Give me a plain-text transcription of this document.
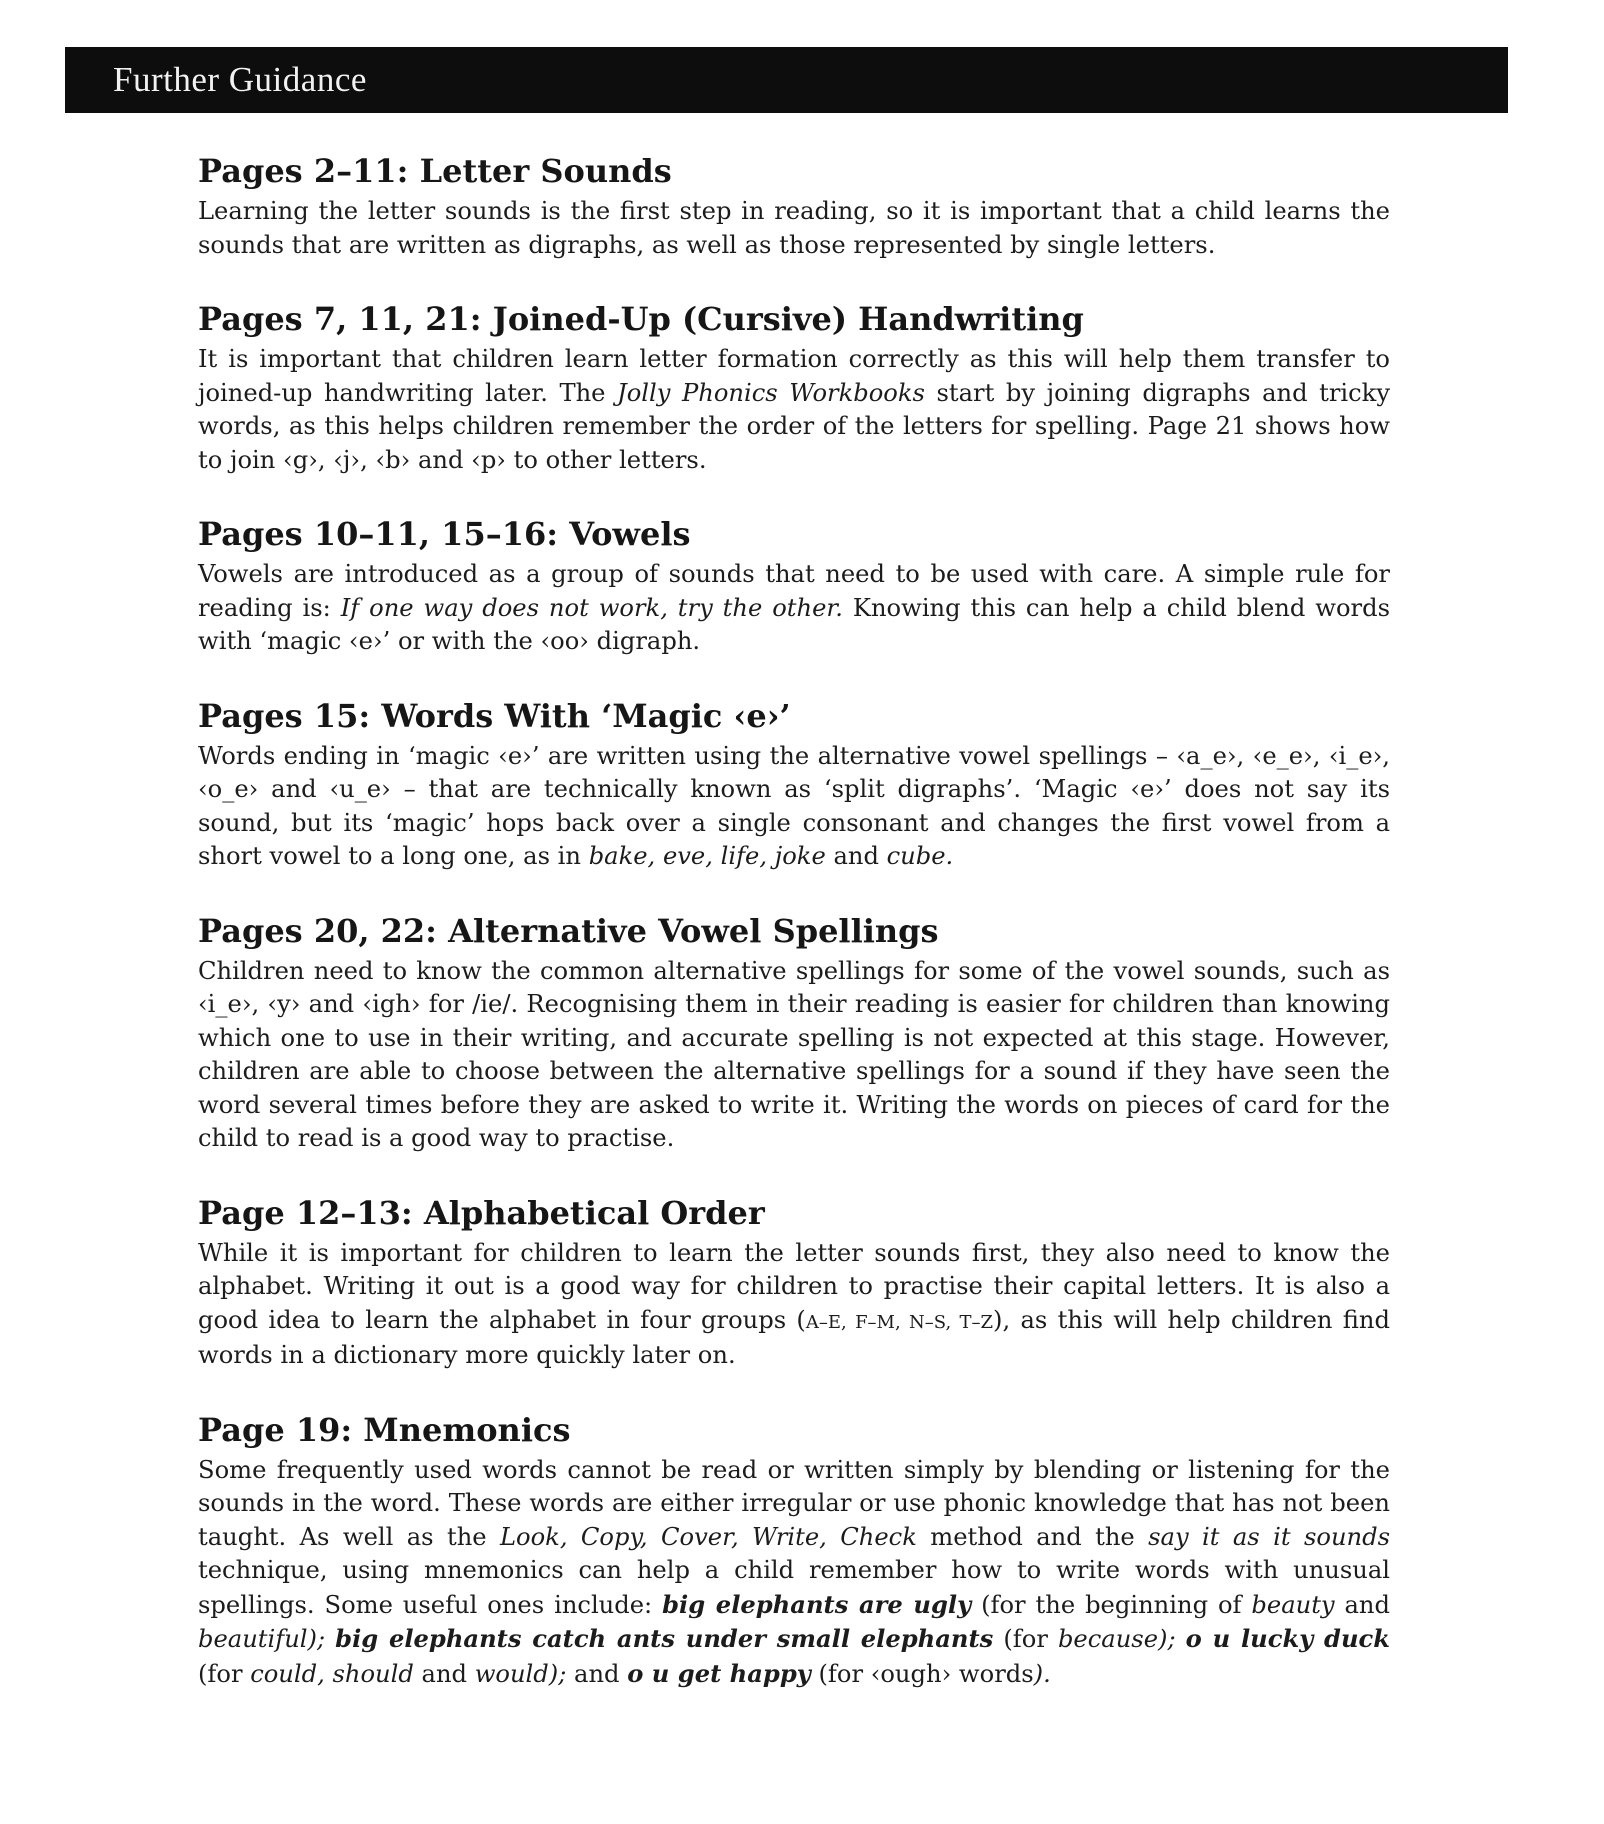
Further Guidance
Pages 2–11: Letter Sounds

Learning the letter sounds is the first step in reading, so it is important that a child learns the sounds that are written as digraphs, as well as those represented by single letters.

Pages 7, 11, 21: Joined-Up (Cursive) Handwriting

It is important that children learn letter formation correctly as this will help them transfer to joined-up handwriting later. The Jolly Phonics Workbooks start by joining digraphs and tricky words, as this helps children remember the order of the letters for spelling. Page 21 shows how to join ‹g›, ‹j›, ‹b› and ‹p› to other letters.

Pages 10–11, 15–16: Vowels

Vowels are introduced as a group of sounds that need to be used with care. A simple rule for reading is: If one way does not work, try the other. Knowing this can help a child blend words with ‘magic ‹e›’ or with the ‹oo› digraph.

Pages 15: Words With ‘Magic ‹e›’

Words ending in ‘magic ‹e›’ are written using the alternative vowel spellings – ‹a_e›, ‹e_e›, ‹i_e›, ‹o_e› and ‹u_e› – that are technically known as ‘split digraphs’. ‘Magic ‹e›’ does not say its sound, but its ‘magic’ hops back over a single consonant and changes the first vowel from a short vowel to a long one, as in bake, eve, life, joke and cube.

Pages 20, 22: Alternative Vowel Spellings

Children need to know the common alternative spellings for some of the vowel sounds, such as ‹i_e›, ‹y› and ‹igh› for /ie/. Recognising them in their reading is easier for children than knowing which one to use in their writing, and accurate spelling is not expected at this stage. However, children are able to choose between the alternative spellings for a sound if they have seen the word several times before they are asked to write it. Writing the words on pieces of card for the child to read is a good way to practise.

Page 12–13: Alphabetical Order

While it is important for children to learn the letter sounds first, they also need to know the alphabet. Writing it out is a good way for children to practise their capital letters. It is also a good idea to learn the alphabet in four groups (A–E, F–M, N–S, T–Z), as this will help children find words in a dictionary more quickly later on.

Page 19: Mnemonics

Some frequently used words cannot be read or written simply by blending or listening for the sounds in the word. These words are either irregular or use phonic knowledge that has not been taught. As well as the Look, Copy, Cover, Write, Check method and the say it as it sounds technique, using mnemonics can help a child remember how to write words with unusual spellings. Some useful ones include: big elephants are ugly (for the beginning of beauty and beautiful); big elephants catch ants under small elephants (for because); o u lucky duck (for could, should and would); and o u get happy (for ‹ough› words).
